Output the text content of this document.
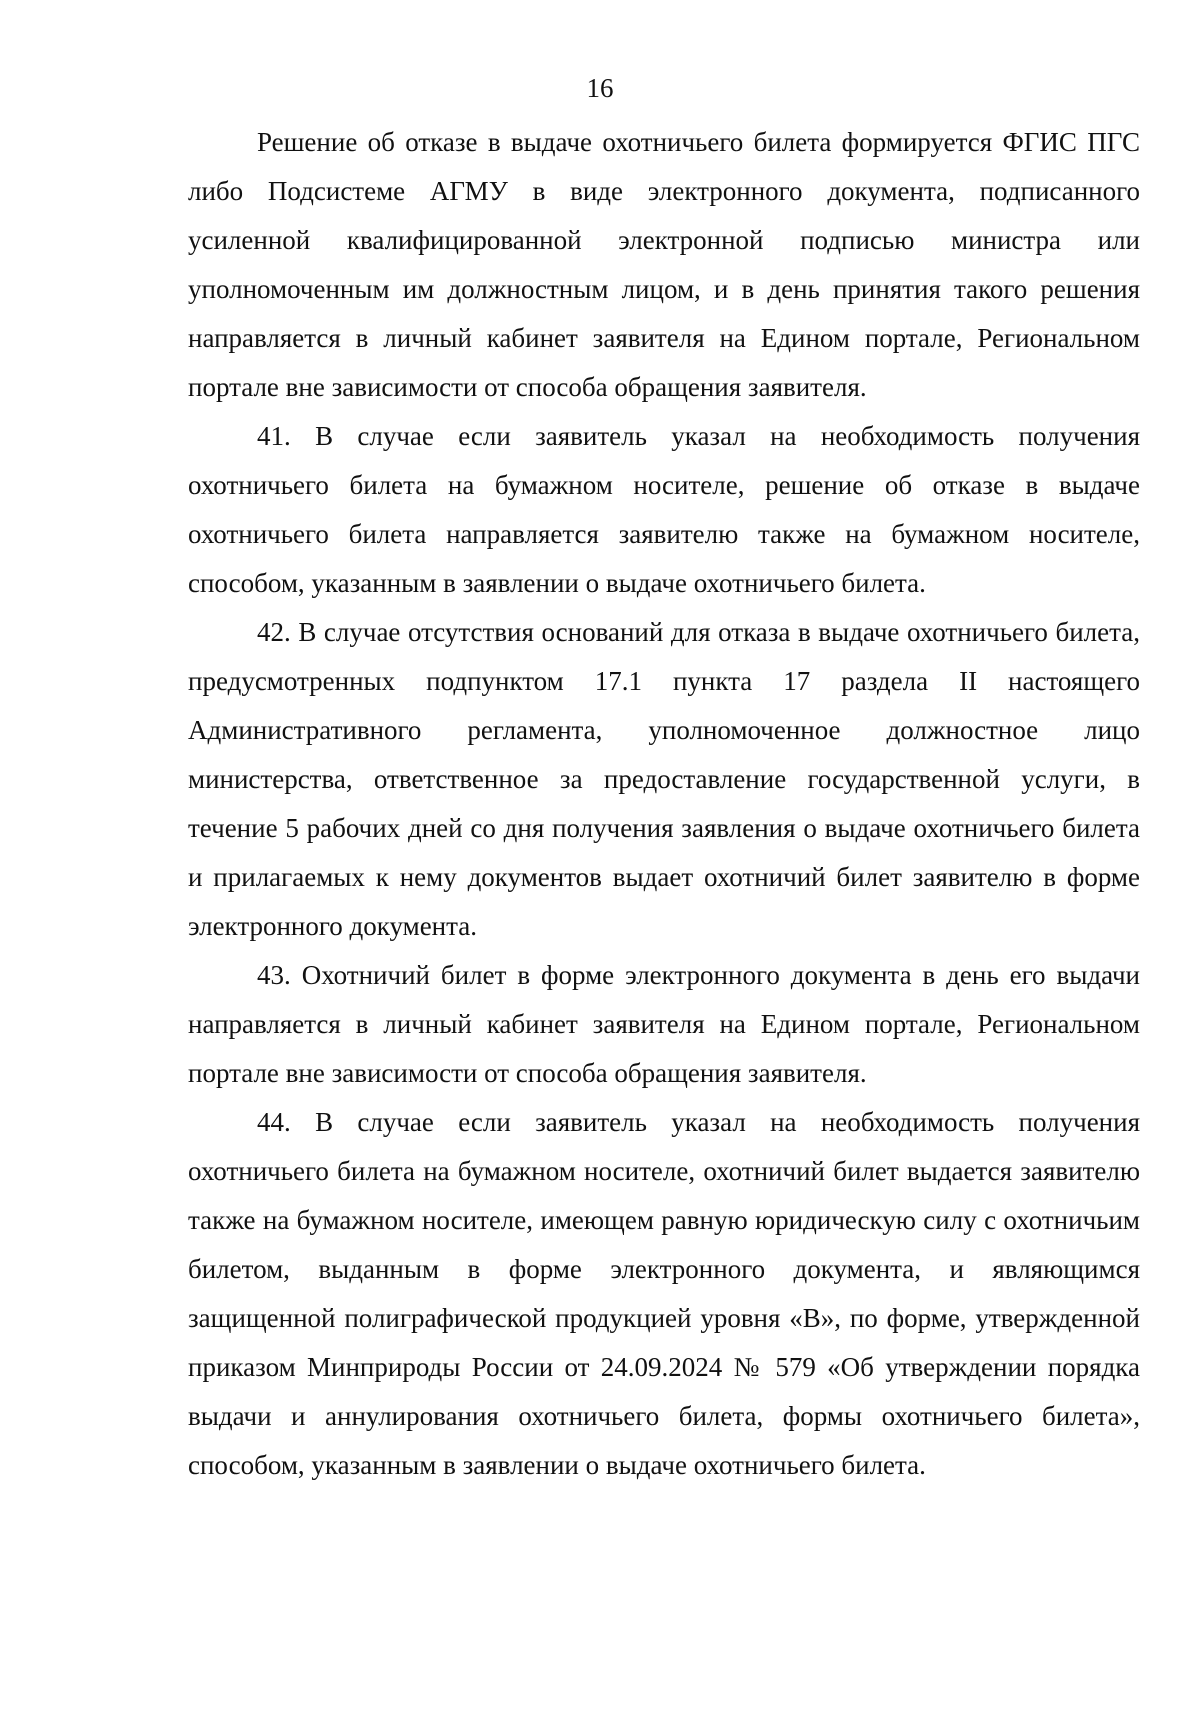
16

Решение об отказе в выдаче охотничьего билета формируется ФГИС ПГС либо Подсистеме АГМУ в виде электронного документа, подписанного усиленной квалифицированной электронной подписью министра или уполномоченным им должностным лицом, и в день принятия такого решения направляется в личный кабинет заявителя на Едином портале, Региональном портале вне зависимости от способа обращения заявителя.

41. В случае если заявитель указал на необходимость получения охотничьего билета на бумажном носителе, решение об отказе в выдаче охотничьего билета направляется заявителю также на бумажном носителе, способом, указанным в заявлении о выдаче охотничьего билета.

42. В случае отсутствия оснований для отказа в выдаче охотничьего билета, предусмотренных подпунктом 17.1 пункта 17 раздела II настоящего Административного регламента, уполномоченное должностное лицо министерства, ответственное за предоставление государственной услуги, в течение 5 рабочих дней со дня получения заявления о выдаче охотничьего билета и прилагаемых к нему документов выдает охотничий билет заявителю в форме электронного документа.

43. Охотничий билет в форме электронного документа в день его выдачи направляется в личный кабинет заявителя на Едином портале, Региональном портале вне зависимости от способа обращения заявителя.

44. В случае если заявитель указал на необходимость получения охотничьего билета на бумажном носителе, охотничий билет выдается заявителю также на бумажном носителе, имеющем равную юридическую силу с охотничьим билетом, выданным в форме электронного документа, и являющимся защищенной полиграфической продукцией уровня «В», по форме, утвержденной приказом Минприроды России от 24.09.2024 № 579 «Об утверждении порядка выдачи и аннулирования охотничьего билета, формы охотничьего билета», способом, указанным в заявлении о выдаче охотничьего билета.
